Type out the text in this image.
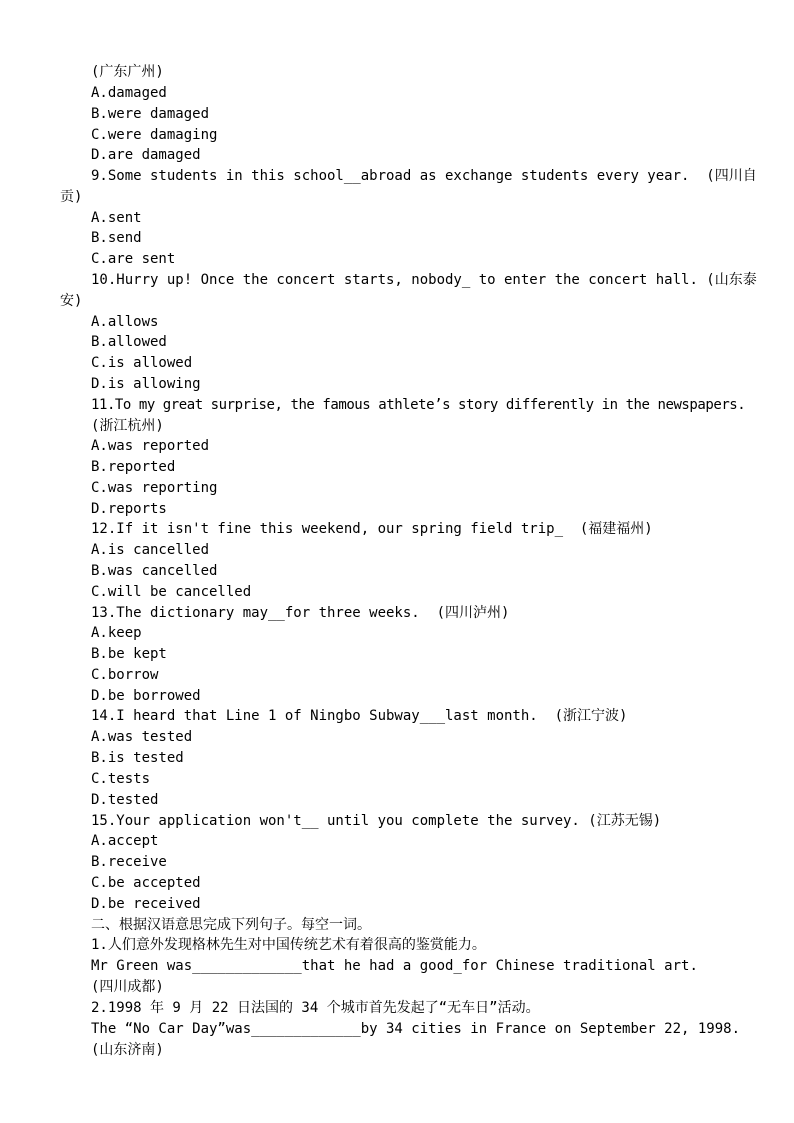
(广东广州)
A.damaged
B.were damaged
C.were damaging
D.are damaged
9.Some students in this school__abroad as exchange students every year.  (四川自
贡)
A.sent
B.send
C.are sent
10.Hurry up! Once the concert starts, nobody_ to enter the concert hall. (山东泰
安)
A.allows
B.allowed
C.is allowed
D.is allowing
11.To my great surprise, the famous athlete’s story differently in the newspapers.
(浙江杭州)
A.was reported
B.reported
C.was reporting
D.reports
12.If it isn't fine this weekend, our spring field trip_  (福建福州)
A.is cancelled
B.was cancelled
C.will be cancelled
13.The dictionary may__for three weeks.  (四川泸州)
A.keep
B.be kept
C.borrow
D.be borrowed
14.I heard that Line 1 of Ningbo Subway___last month.  (浙江宁波)
A.was tested
B.is tested
C.tests
D.tested
15.Your application won't__ until you complete the survey. (江苏无锡)
A.accept
B.receive
C.be accepted
D.be received
二、根据汉语意思完成下列句子。每空一词。
1.人们意外发现格林先生对中国传统艺术有着很高的鉴赏能力。
Mr Green was_____________that he had a good_for Chinese traditional art.
(四川成都)
2.1998 年 9 月 22 日法国的 34 个城市首先发起了“无车日”活动。
The “No Car Day”was_____________by 34 cities in France on September 22, 1998.
(山东济南)
